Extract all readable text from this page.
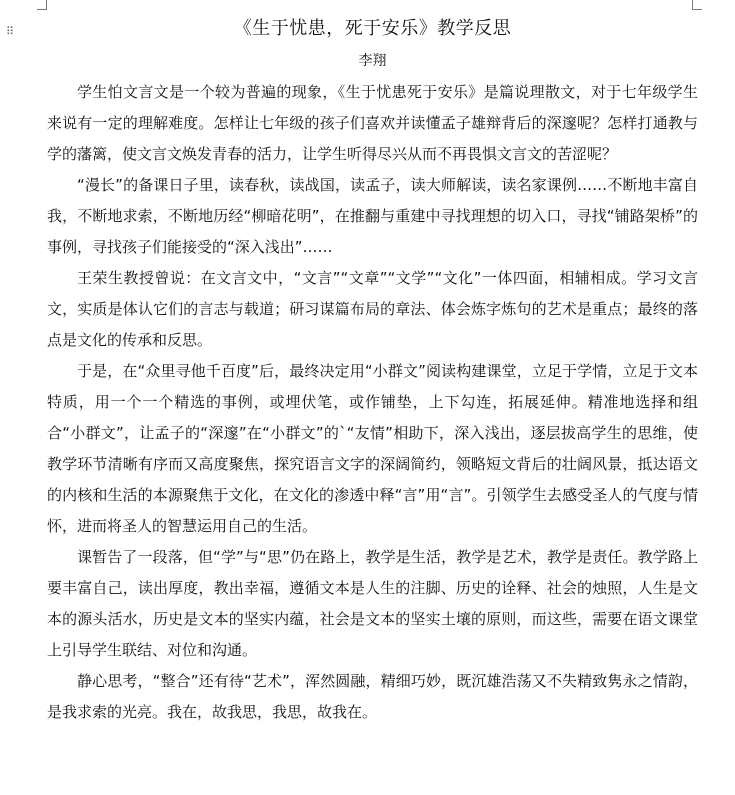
⠿	《生于忧患，死于安乐》教学反思
李翔

学生怕文言文是一个较为普遍的现象，《生于忧患死于安乐》是篇说理散文，对于七年级学生来说有一定的理解难度。怎样让七年级的孩子们喜欢并读懂孟子雄辩背后的深邃呢？怎样打通教与学的藩篱，使文言文焕发青春的活力，让学生听得尽兴从而不再畏惧文言文的苦涩呢？

“漫长”的备课日子里，读春秋，读战国，读孟子，读大师解读，读名家课例……不断地丰富自我，不断地求索，不断地历经“柳暗花明”，在推翻与重建中寻找理想的切入口，寻找“铺路架桥”的事例，寻找孩子们能接受的“深入浅出”……

王荣生教授曾说：在文言文中，“文言”“文章”“文学”“文化”一体四面，相辅相成。学习文言文，实质是体认它们的言志与载道；研习谋篇布局的章法、体会炼字炼句的艺术是重点；最终的落点是文化的传承和反思。

于是，在“众里寻他千百度”后，最终决定用“小群文”阅读构建课堂，立足于学情，立足于文本特质，用一个一个精选的事例，或埋伏笔，或作铺垫，上下勾连，拓展延伸。精准地选择和组合“小群文”，让孟子的“深邃”在“小群文”的`“友情”相助下，深入浅出，逐层拔高学生的思维，使教学环节清晰有序而又高度聚焦，探究语言文字的深阔简约，领略短文背后的壮阔风景，抵达语文的内核和生活的本源聚焦于文化，在文化的渗透中释“言”用“言”。引领学生去感受圣人的气度与情怀，进而将圣人的智慧运用自己的生活。

课暂告了一段落，但“学”与“思”仍在路上，教学是生活，教学是艺术，教学是责任。教学路上要丰富自己，读出厚度，教出幸福，遵循文本是人生的注脚、历史的诠释、社会的烛照，人生是文本的源头活水，历史是文本的坚实内蕴，社会是文本的坚实土壤的原则，而这些，需要在语文课堂上引导学生联结、对位和沟通。

静心思考，“整合”还有待“艺术”，浑然圆融，精细巧妙，既沉雄浩荡又不失精致隽永之情韵，是我求索的光亮。我在，故我思，我思，故我在。
